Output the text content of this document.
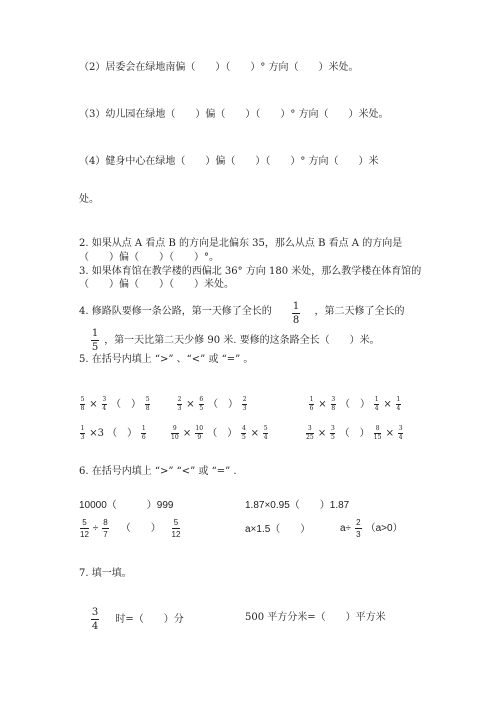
（2）居委会在绿地南偏（　　）（　　）° 方向（　　）米处。
（3）幼儿园在绿地（　　）偏（　　）（　　）° 方向（　　）米处。
（4）健身中心在绿地（　　）偏（　　）（　　）° 方向（　　）米
处。
2. 如果从点 A 看点 B 的方向是北偏东 35，那么从点 B 看点 A 的方向是
（　　）偏（　　）（　　）°。
3. 如果体育馆在教学楼的西偏北 36° 方向 180 米处，那么教学楼在体育馆的
（　　）偏（　　）（　　）米处。
4. 修路队要修一条公路，第一天修了全长的 $\frac{1}{8}$ ，第二天修了全长的
$\frac{1}{5}$ ，第一天比第二天少修 90 米. 要修的这条路全长（　　）米。
5. 在括号内填上 “>” 、“<” 或 “=” 。
$\frac{5}{8} \times \frac{3}{4}$ （　） $\frac{5}{8}$	$\frac{2}{3} \times \frac{6}{5}$ （　） $\frac{2}{3}$	$\frac{1}{6} \times \frac{3}{8}$ （　） $\frac{1}{4} \times \frac{1}{4}$
$\frac{1}{3} \times 3$ （　） $\frac{1}{6}$	$\frac{9}{10} \times \frac{10}{9}$ （　） $\frac{4}{5} \times \frac{5}{4}$	$\frac{3}{25} \times \frac{3}{5}$ （　） $\frac{8}{15} \times \frac{3}{4}$
6. 在括号内填上 “>” “<” 或 “=” .
10000（　　　）999	1.87×0.95（　　）1.87
$\frac{5}{12} \div \frac{8}{7}$ （　　） $\frac{5}{12}$	a×1.5（　　）	$a\div \frac{2}{3} (a>0)$
7. 填一填。
$\frac{3}{4}$ 时=（　　）分	500 平方分米=（　　）平方米
